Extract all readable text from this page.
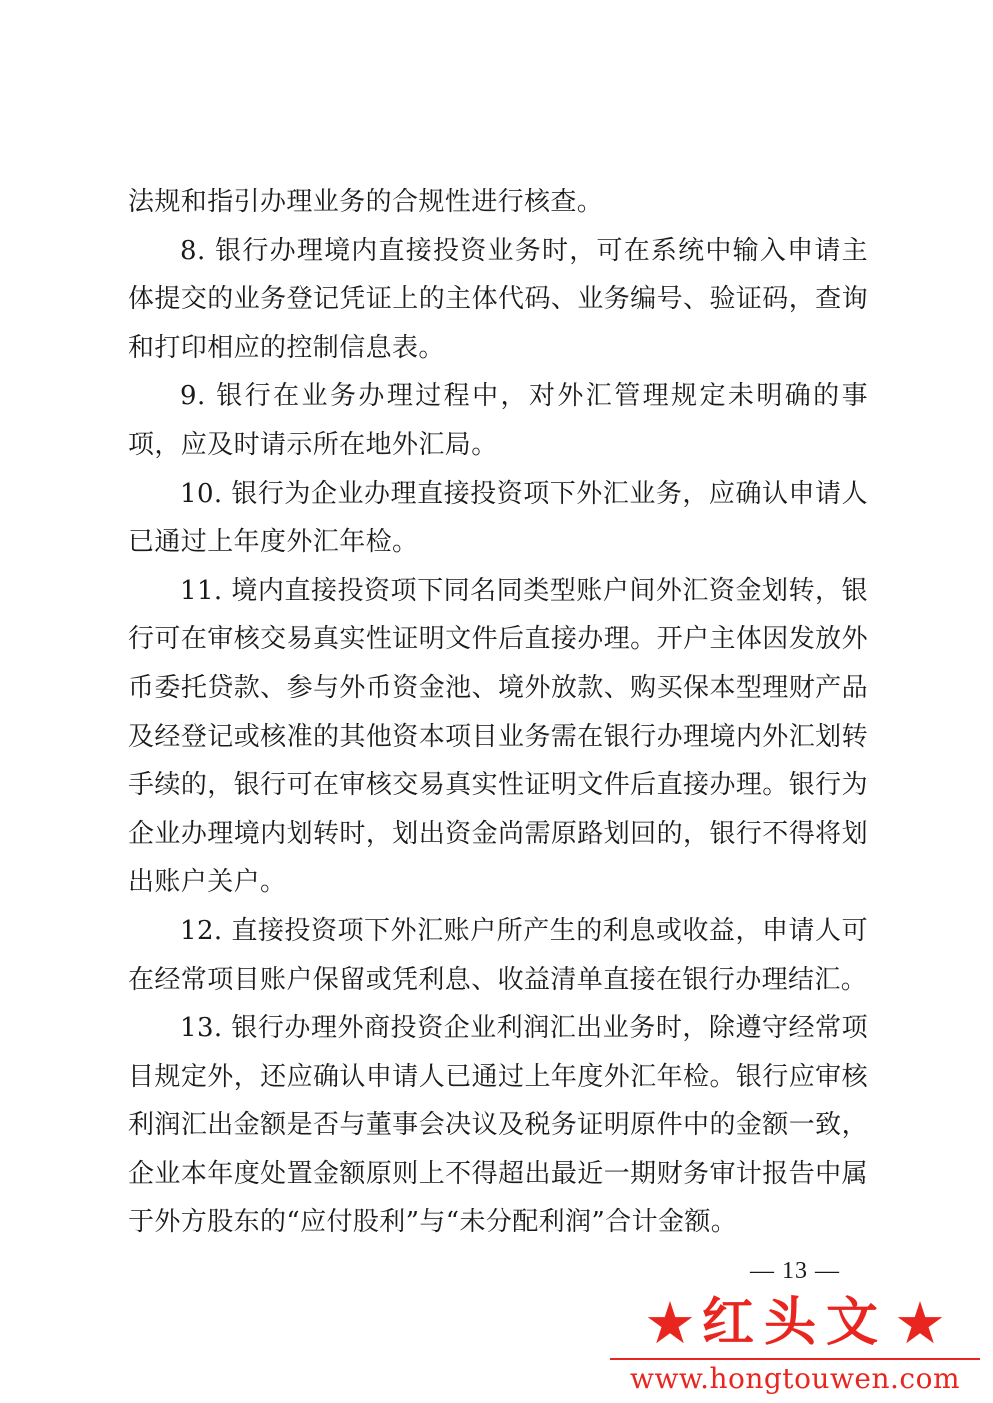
法规和指引办理业务的合规性进行核查。

8. 银行办理境内直接投资业务时，可在系统中输入申请主体提交的业务登记凭证上的主体代码、业务编号、验证码，查询和打印相应的控制信息表。

9. 银行在业务办理过程中，对外汇管理规定未明确的事项，应及时请示所在地外汇局。

10. 银行为企业办理直接投资项下外汇业务，应确认申请人已通过上年度外汇年检。

11. 境内直接投资项下同名同类型账户间外汇资金划转，银行可在审核交易真实性证明文件后直接办理。开户主体因发放外币委托贷款、参与外币资金池、境外放款、购买保本型理财产品及经登记或核准的其他资本项目业务需在银行办理境内外汇划转手续的，银行可在审核交易真实性证明文件后直接办理。银行为企业办理境内划转时，划出资金尚需原路划回的，银行不得将划出账户关户。

12. 直接投资项下外汇账户所产生的利息或收益，申请人可在经常项目账户保留或凭利息、收益清单直接在银行办理结汇。

13. 银行办理外商投资企业利润汇出业务时，除遵守经常项目规定外，还应确认申请人已通过上年度外汇年检。银行应审核利润汇出金额是否与董事会决议及税务证明原件中的金额一致，企业本年度处置金额原则上不得超出最近一期财务审计报告中属于外方股东的“应付股利”与“未分配利润”合计金额。

— 13 —
★ 红头文 ★
www.hongtouwen.com
